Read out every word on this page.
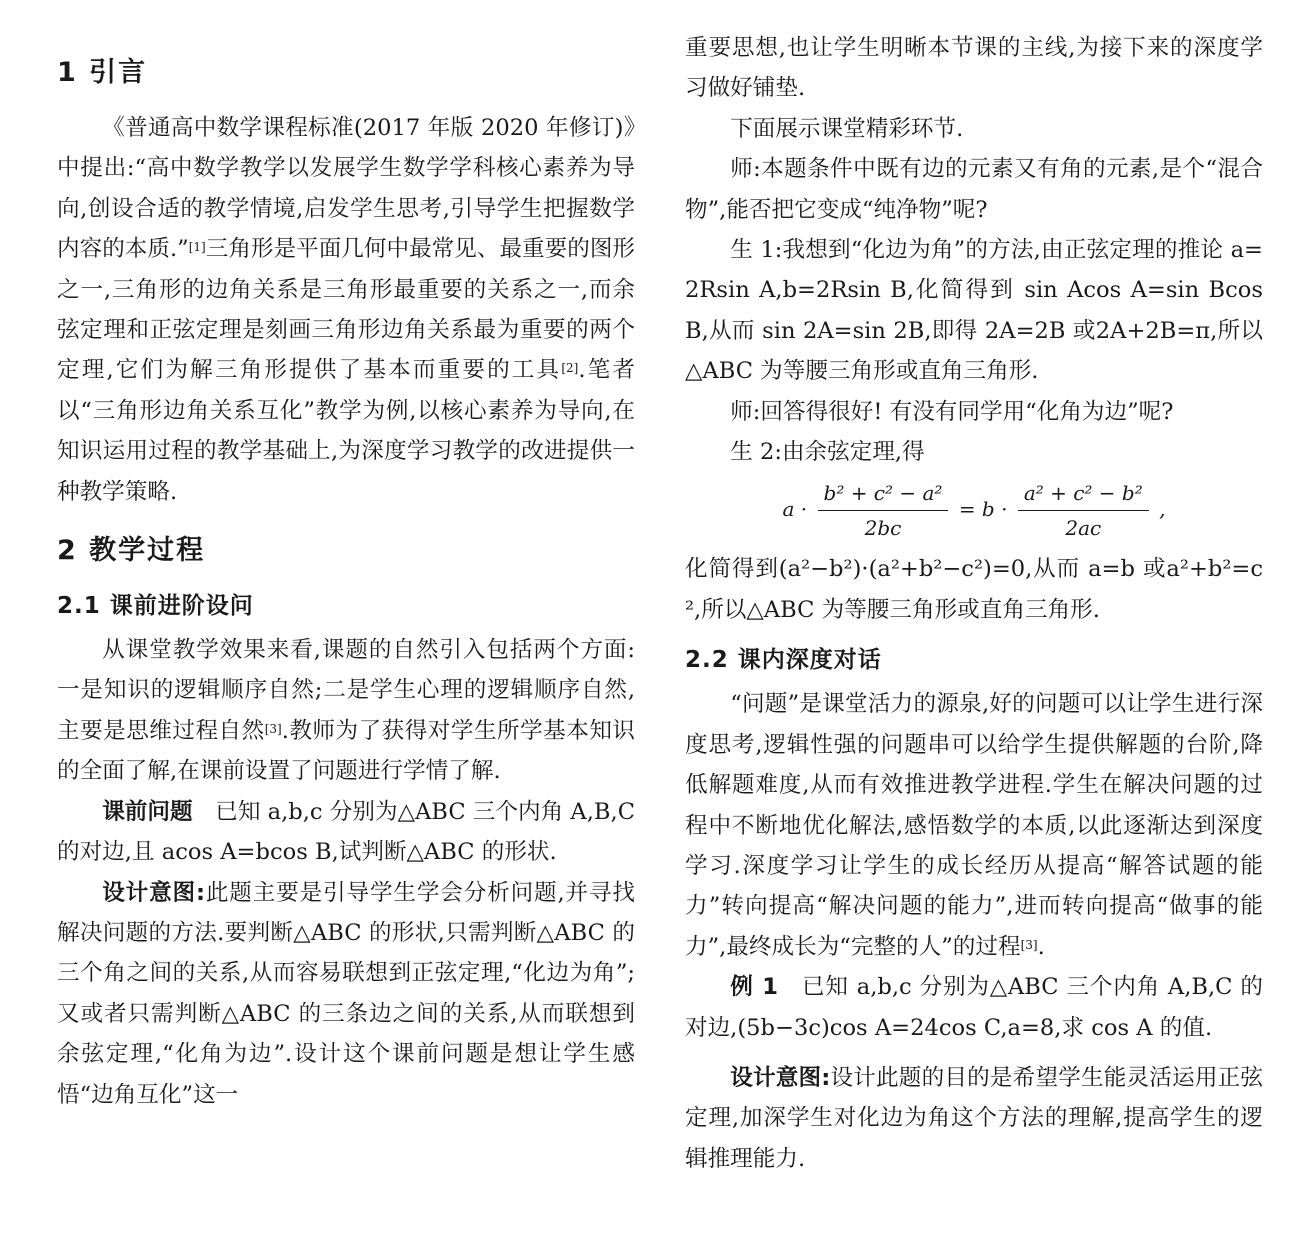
1 引言

《普通高中数学课程标准(2017 年版 2020 年修订)》中提出:“高中数学教学以发展学生数学学科核心素养为导向,创设合适的教学情境,启发学生思考,引导学生把握数学内容的本质.”[1]三角形是平面几何中最常见、最重要的图形之一,三角形的边角关系是三角形最重要的关系之一,而余弦定理和正弦定理是刻画三角形边角关系最为重要的两个定理,它们为解三角形提供了基本而重要的工具[2].笔者以“三角形边角关系互化”教学为例,以核心素养为导向,在知识运用过程的教学基础上,为深度学习教学的改进提供一种教学策略.

2 教学过程
2.1 课前进阶设问

从课堂教学效果来看,课题的自然引入包括两个方面:一是知识的逻辑顺序自然;二是学生心理的逻辑顺序自然,主要是思维过程自然[3].教师为了获得对学生所学基本知识的全面了解,在课前设置了问题进行学情了解.

课前问题　已知 a,b,c 分别为△ABC 三个内角 A,B,C 的对边,且 acos A=bcos B,试判断△ABC 的形状.

设计意图:此题主要是引导学生学会分析问题,并寻找解决问题的方法.要判断△ABC 的形状,只需判断△ABC 的三个角之间的关系,从而容易联想到正弦定理,“化边为角”;又或者只需判断△ABC 的三条边之间的关系,从而联想到余弦定理,“化角为边”.设计这个课前问题是想让学生感悟“边角互化”这一

重要思想,也让学生明晰本节课的主线,为接下来的深度学习做好铺垫.

下面展示课堂精彩环节.

师:本题条件中既有边的元素又有角的元素,是个“混合物”,能否把它变成“纯净物”呢?

生 1:我想到“化边为角”的方法,由正弦定理的推论 a=2Rsin A,b=2Rsin B,化简得到 sin Acos A=sin Bcos B,从而 sin 2A=sin 2B,即得 2A=2B 或2A+2B=π,所以△ABC 为等腰三角形或直角三角形.

师:回答得很好! 有没有同学用“化角为边”呢?

生 2:由余弦定理,得

$a \cdot \frac{\text{b² + c² − a²}}{2bc} = b \cdot \frac{\text{a² + c² − b²}}{2ac}$ ,

化简得到(a²−b²)·(a²+b²−c²)=0,从而 a=b 或a²+b²=c²,所以△ABC 为等腰三角形或直角三角形.

2.2 课内深度对话

“问题”是课堂活力的源泉,好的问题可以让学生进行深度思考,逻辑性强的问题串可以给学生提供解题的台阶,降低解题难度,从而有效推进教学进程.学生在解决问题的过程中不断地优化解法,感悟数学的本质,以此逐渐达到深度学习.深度学习让学生的成长经历从提高“解答试题的能力”转向提高“解决问题的能力”,进而转向提高“做事的能力”,最终成长为“完整的人”的过程[3].

例 1　已知 a,b,c 分别为△ABC 三个内角 A,B,C 的对边,(5b−3c)cos A=24cos C,a=8,求 cos A 的值.

设计意图:设计此题的目的是希望学生能灵活运用正弦定理,加深学生对化边为角这个方法的理解,提高学生的逻辑推理能力.
